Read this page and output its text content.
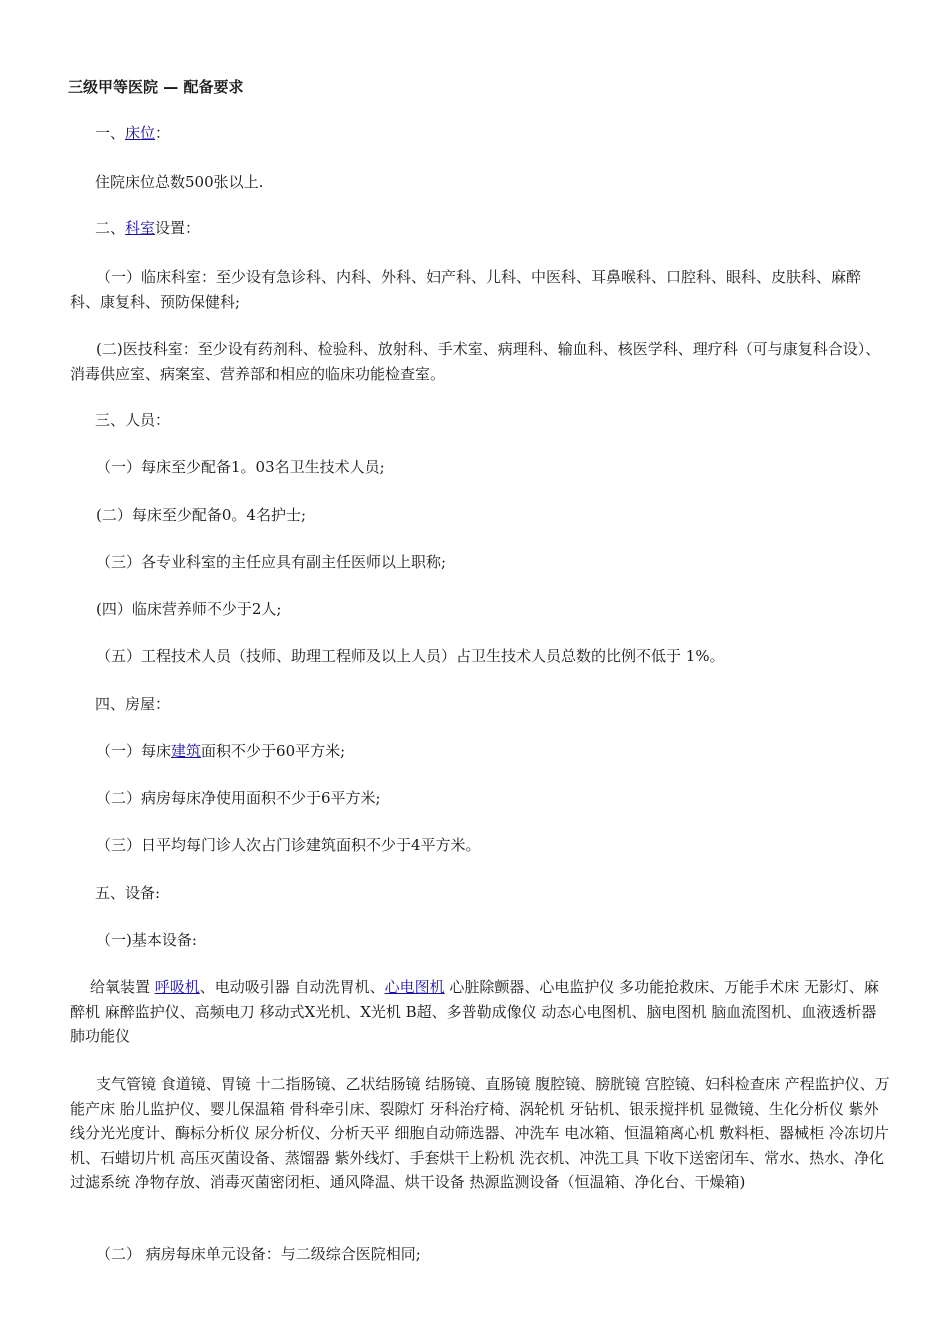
三级甲等医院 — 配备要求
一、床位：
住院床位总数500张以上.
二、科室设置：
（一）临床科室：至少设有急诊科、内科、外科、妇产科、儿科、中医科、耳鼻喉科、口腔科、眼科、皮肤科、麻醉科、康复科、预防保健科;
(二)医技科室：至少设有药剂科、检验科、放射科、手术室、病理科、输血科、核医学科、理疗科（可与康复科合设）、消毒供应室、病案室、营养部和相应的临床功能检查室。
三、人员：
（一）每床至少配备1。03名卫生技术人员;
(二）每床至少配备0。4名护士;
（三）各专业科室的主任应具有副主任医师以上职称;
(四）临床营养师不少于2人;
（五）工程技术人员（技师、助理工程师及以上人员）占卫生技术人员总数的比例不低于 1%。
四、房屋：
（一）每床建筑面积不少于60平方米;
（二）病房每床净使用面积不少于6平方米;
（三）日平均每门诊人次占门诊建筑面积不少于4平方米。
五、设备:
（一)基本设备:
给氧装置 呼吸机、电动吸引器 自动洗胃机、心电图机 心脏除颤器、心电监护仪 多功能抢救床、万能手术床 无影灯、麻醉机 麻醉监护仪、高频电刀 移动式X光机、X光机 B超、多普勒成像仪 动态心电图机、脑电图机 脑血流图机、血液透析器 肺功能仪
支气管镜 食道镜、胃镜 十二指肠镜、乙状结肠镜 结肠镜、直肠镜 腹腔镜、膀胱镜 宫腔镜、妇科检查床 产程监护仪、万能产床 胎儿监护仪、婴儿保温箱 骨科牵引床、裂隙灯 牙科治疗椅、涡轮机 牙钻机、银汞搅拌机 显微镜、生化分析仪 紫外线分光光度计、酶标分析仪 尿分析仪、分析天平 细胞自动筛选器、冲洗车 电冰箱、恒温箱离心机 敷料柜、器械柜 冷冻切片机、石蜡切片机 高压灭菌设备、蒸馏器 紫外线灯、手套烘干上粉机 洗衣机、冲洗工具 下收下送密闭车、常水、热水、净化过滤系统 净物存放、消毒灭菌密闭柜、通风降温、烘干设备 热源监测设备（恒温箱、净化台、干燥箱)
（二） 病房每床单元设备：与二级综合医院相同;
